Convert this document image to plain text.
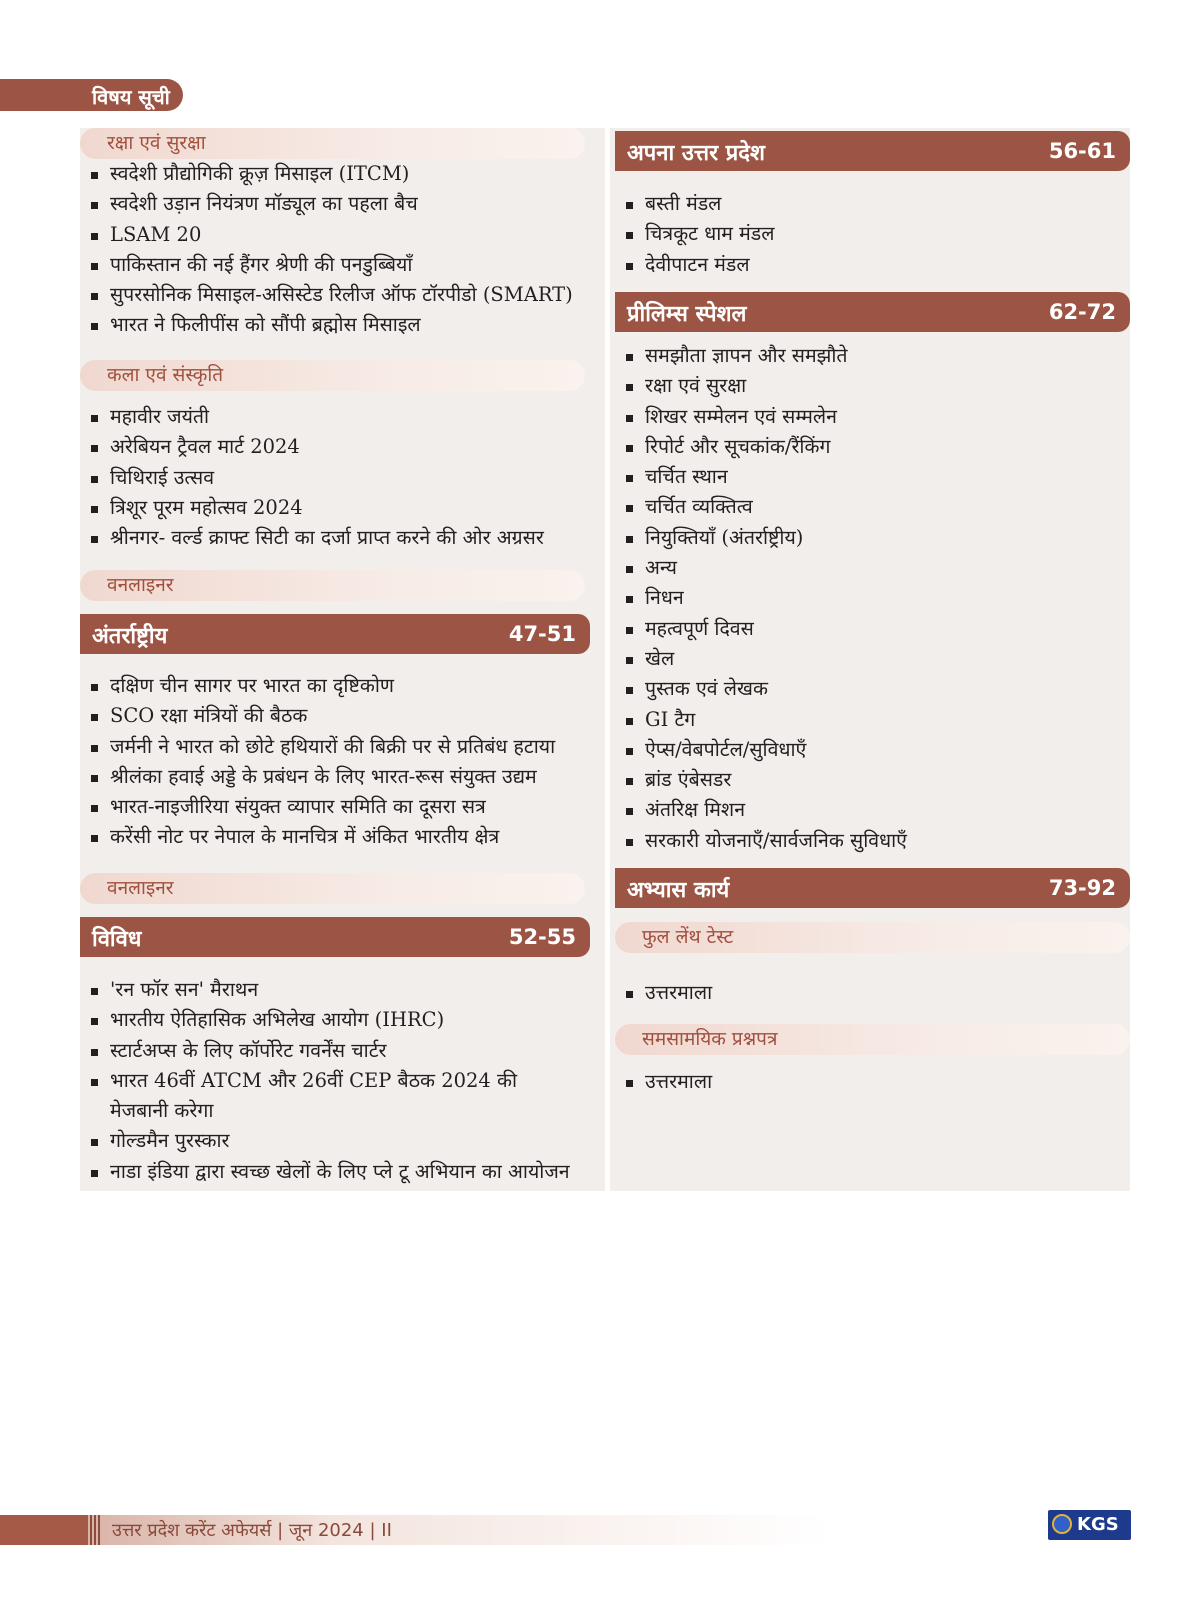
विषय सूची
रक्षा एवं सुरक्षा
स्वदेशी प्रौद्योगिकी क्रूज़ मिसाइल (ITCM)
स्वदेशी उड़ान नियंत्रण मॉड्यूल का पहला बैच
LSAM 20
पाकिस्तान की नई हैंगर श्रेणी की पनडुब्बियाँ
सुपरसोनिक मिसाइल-असिस्टेड रिलीज ऑफ टॉरपीडो (SMART)
भारत ने फिलीपींस को सौंपी ब्रह्मोस मिसाइल
कला एवं संस्कृति
महावीर जयंती
अरेबियन ट्रैवल मार्ट 2024
चिथिराई उत्सव
त्रिशूर पूरम महोत्सव 2024
श्रीनगर- वर्ल्ड क्राफ्ट सिटी का दर्जा प्राप्त करने की ओर अग्रसर
वनलाइनर
अंतर्राष्ट्रीय	47-51
दक्षिण चीन सागर पर भारत का दृष्टिकोण
SCO रक्षा मंत्रियों की बैठक
जर्मनी ने भारत को छोटे हथियारों की बिक्री पर से प्रतिबंध हटाया
श्रीलंका हवाई अड्डे के प्रबंधन के लिए भारत-रूस संयुक्त उद्यम
भारत-नाइजीरिया संयुक्त व्यापार समिति का दूसरा सत्र
करेंसी नोट पर नेपाल के मानचित्र में अंकित भारतीय क्षेत्र
वनलाइनर
विविध	52-55
'रन फॉर सन' मैराथन
भारतीय ऐतिहासिक अभिलेख आयोग (IHRC)
स्टार्टअप्स के लिए कॉर्पोरेट गवर्नेंस चार्टर
भारत 46वीं ATCM और 26वीं CEP बैठक 2024 की मेजबानी करेगा
गोल्डमैन पुरस्कार
नाडा इंडिया द्वारा स्वच्छ खेलों के लिए प्ले टू अभियान का आयोजन
अपना उत्तर प्रदेश	56-61
बस्ती मंडल
चित्रकूट धाम मंडल
देवीपाटन मंडल
प्रीलिम्स स्पेशल	62-72
समझौता ज्ञापन और समझौते
रक्षा एवं सुरक्षा
शिखर सम्मेलन एवं सम्मलेन
रिपोर्ट और सूचकांक/रैंकिंग
चर्चित स्थान
चर्चित व्यक्तित्व
नियुक्तियाँ (अंतर्राष्ट्रीय)
अन्य
निधन
महत्वपूर्ण दिवस
खेल
पुस्तक एवं लेखक
GI टैग
ऐप्स/वेबपोर्टल/सुविधाएँ
ब्रांड एंबेसडर
अंतरिक्ष मिशन
सरकारी योजनाएँ/सार्वजनिक सुविधाएँ
अभ्यास कार्य	73-92
फुल लेंथ टेस्ट
उत्तरमाला
समसामयिक प्रश्नपत्र
उत्तरमाला
उत्तर प्रदेश करेंट अफेयर्स | जून 2024 | II	KGS
